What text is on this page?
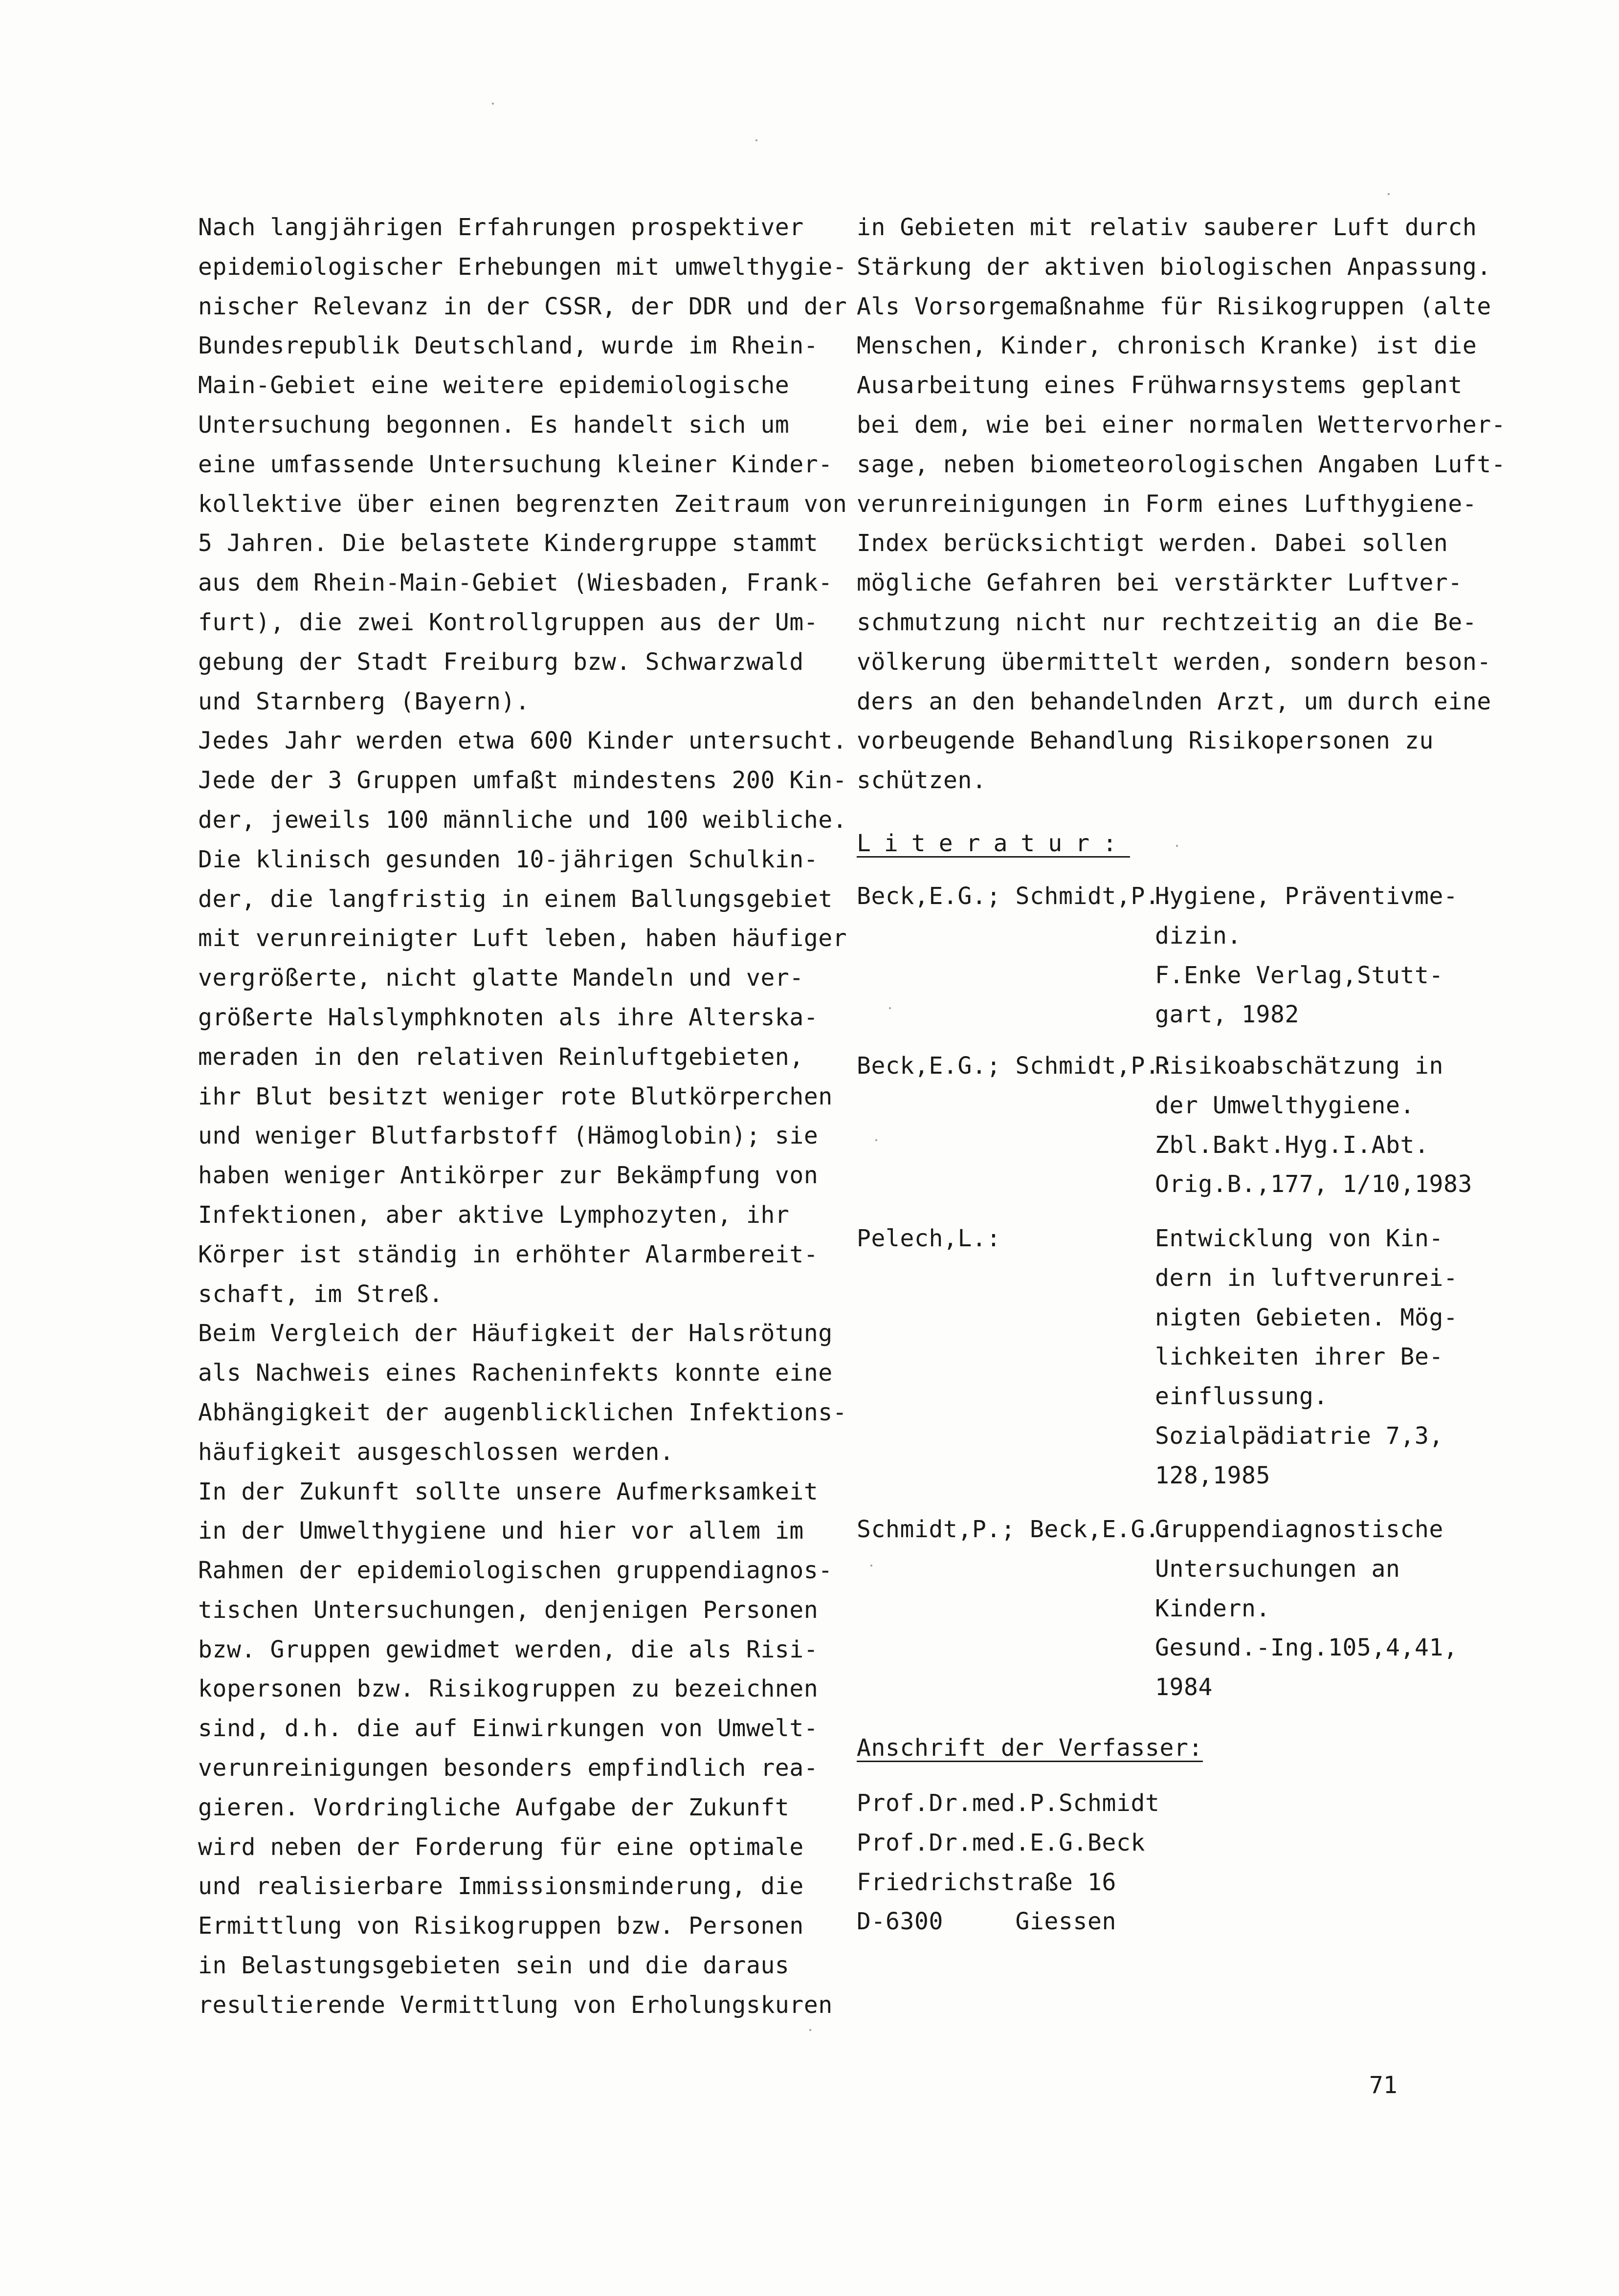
Nach langjährigen Erfahrungen prospektiver
epidemiologischer Erhebungen mit umwelthygie-
nischer Relevanz in der CSSR, der DDR und der
Bundesrepublik Deutschland, wurde im Rhein-
Main-Gebiet eine weitere epidemiologische
Untersuchung begonnen. Es handelt sich um
eine umfassende Untersuchung kleiner Kinder-
kollektive über einen begrenzten Zeitraum von
5 Jahren. Die belastete Kindergruppe stammt
aus dem Rhein-Main-Gebiet (Wiesbaden, Frank-
furt), die zwei Kontrollgruppen aus der Um-
gebung der Stadt Freiburg bzw. Schwarzwald
und Starnberg (Bayern).
Jedes Jahr werden etwa 600 Kinder untersucht.
Jede der 3 Gruppen umfaßt mindestens 200 Kin-
der, jeweils 100 männliche und 100 weibliche.
Die klinisch gesunden 10-jährigen Schulkin-
der, die langfristig in einem Ballungsgebiet
mit verunreinigter Luft leben, haben häufiger
vergrößerte, nicht glatte Mandeln und ver-
größerte Halslymphknoten als ihre Alterska-
meraden in den relativen Reinluftgebieten,
ihr Blut besitzt weniger rote Blutkörperchen
und weniger Blutfarbstoff (Hämoglobin); sie
haben weniger Antikörper zur Bekämpfung von
Infektionen, aber aktive Lymphozyten, ihr
Körper ist ständig in erhöhter Alarmbereit-
schaft, im Streß.
Beim Vergleich der Häufigkeit der Halsrötung
als Nachweis eines Racheninfekts konnte eine
Abhängigkeit der augenblicklichen Infektions-
häufigkeit ausgeschlossen werden.
In der Zukunft sollte unsere Aufmerksamkeit
in der Umwelthygiene und hier vor allem im
Rahmen der epidemiologischen gruppendiagnos-
tischen Untersuchungen, denjenigen Personen
bzw. Gruppen gewidmet werden, die als Risi-
kopersonen bzw. Risikogruppen zu bezeichnen
sind, d.h. die auf Einwirkungen von Umwelt-
verunreinigungen besonders empfindlich rea-
gieren. Vordringliche Aufgabe der Zukunft
wird neben der Forderung für eine optimale
und realisierbare Immissionsminderung, die
Ermittlung von Risikogruppen bzw. Personen
in Belastungsgebieten sein und die daraus
resultierende Vermittlung von Erholungskuren
in Gebieten mit relativ sauberer Luft durch
Stärkung der aktiven biologischen Anpassung.
Als Vorsorgemaßnahme für Risikogruppen (alte
Menschen, Kinder, chronisch Kranke) ist die
Ausarbeitung eines Frühwarnsystems geplant
bei dem, wie bei einer normalen Wettervorher-
sage, neben biometeorologischen Angaben Luft-
verunreinigungen in Form eines Lufthygiene-
Index berücksichtigt werden. Dabei sollen
mögliche Gefahren bei verstärkter Luftver-
schmutzung nicht nur rechtzeitig an die Be-
völkerung übermittelt werden, sondern beson-
ders an den behandelnden Arzt, um durch eine
vorbeugende Behandlung Risikopersonen zu
schützen.
Literatur:
Beck,E.G.; Schmidt,P.:
Hygiene, Präventivme-
dizin.
F.Enke Verlag,Stutt-
gart, 1982
Beck,E.G.; Schmidt,P.:
Risikoabschätzung in
der Umwelthygiene.
Zbl.Bakt.Hyg.I.Abt.
Orig.B.,177, 1/10,1983
Pelech,L.:	Entwicklung von Kin-
dern in luftverunrei-
nigten Gebieten. Mög-
lichkeiten ihrer Be-
einflussung.
Sozialpädiatrie 7,3,
128,1985
Schmidt,P.; Beck,E.G.:
Gruppendiagnostische
Untersuchungen an
Kindern.
Gesund.-Ing.105,4,41,
1984
Anschrift der Verfasser:
Prof.Dr.med.P.Schmidt
Prof.Dr.med.E.G.Beck
Friedrichstraße 16
D-6300     Giessen
71
